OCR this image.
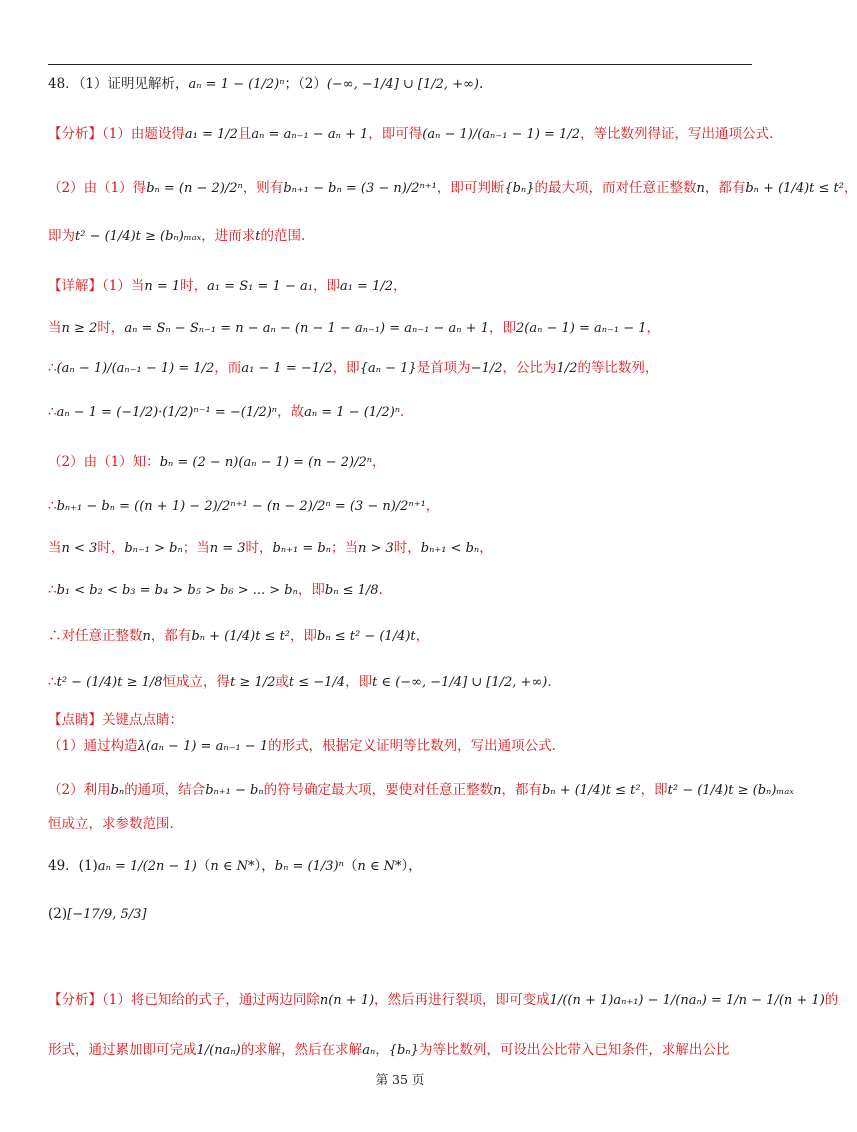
48．（1）证明见解析，aₙ = 1 − (1/2)ⁿ；（2）(−∞, −1/4] ∪ [1/2, +∞).
【分析】（1）由题设得a₁ = 1/2且aₙ = aₙ₋₁ − aₙ + 1，即可得(aₙ − 1)/(aₙ₋₁ − 1) = 1/2，等比数列得证，写出通项公式.
（2）由（1）得bₙ = (n − 2)/2ⁿ，则有bₙ₊₁ − bₙ = (3 − n)/2ⁿ⁺¹，即可判断{bₙ}的最大项，而对任意正整数n，都有bₙ + (1/4)t ≤ t²，
即为t² − (1/4)t ≥ (bₙ)ₘₐₓ，进而求t的范围.
【详解】（1）当n = 1时，a₁ = S₁ = 1 − a₁，即a₁ = 1/2，
当n ≥ 2时，aₙ = Sₙ − Sₙ₋₁ = n − aₙ − (n − 1 − aₙ₋₁) = aₙ₋₁ − aₙ + 1，即2(aₙ − 1) = aₙ₋₁ − 1，
∴(aₙ − 1)/(aₙ₋₁ − 1) = 1/2，而a₁ − 1 = −1/2，即{aₙ − 1}是首项为−1/2，公比为1/2的等比数列，
∴aₙ − 1 = (−1/2)·(1/2)ⁿ⁻¹ = −(1/2)ⁿ，故aₙ = 1 − (1/2)ⁿ.
（2）由（1）知：bₙ = (2 − n)(aₙ − 1) = (n − 2)/2ⁿ，
∴bₙ₊₁ − bₙ = ((n + 1) − 2)/2ⁿ⁺¹ − (n − 2)/2ⁿ = (3 − n)/2ⁿ⁺¹，
当n < 3时，bₙ₋₁ > bₙ；当n = 3时，bₙ₊₁ = bₙ；当n > 3时，bₙ₊₁ < bₙ，
∴b₁ < b₂ < b₃ = b₄ > b₅ > b₆ > ... > bₙ，即bₙ ≤ 1/8.
∴对任意正整数n，都有bₙ + (1/4)t ≤ t²，即bₙ ≤ t² − (1/4)t，
∴t² − (1/4)t ≥ 1/8恒成立，得t ≥ 1/2或t ≤ −1/4，即t ∈ (−∞, −1/4] ∪ [1/2, +∞).
【点睛】关键点点睛：
（1）通过构造λ(aₙ − 1) = aₙ₋₁ − 1的形式，根据定义证明等比数列，写出通项公式.
（2）利用bₙ的通项，结合bₙ₊₁ − bₙ的符号确定最大项，要使对任意正整数n，都有bₙ + (1/4)t ≤ t²，即t² − (1/4)t ≥ (bₙ)ₘₐₓ
恒成立，求参数范围.
49．(1)aₙ = 1/(2n − 1)（n ∈ N*），bₙ = (1/3)ⁿ（n ∈ N*），
(2)[−17/9, 5/3]
【分析】（1）将已知给的式子，通过两边同除n(n + 1)，然后再进行裂项，即可变成1/((n + 1)aₙ₊₁) − 1/(naₙ) = 1/n − 1/(n + 1)的
形式，通过累加即可完成1/(naₙ)的求解，然后在求解aₙ，{bₙ}为等比数列，可设出公比带入已知条件，求解出公比
第 35 页
